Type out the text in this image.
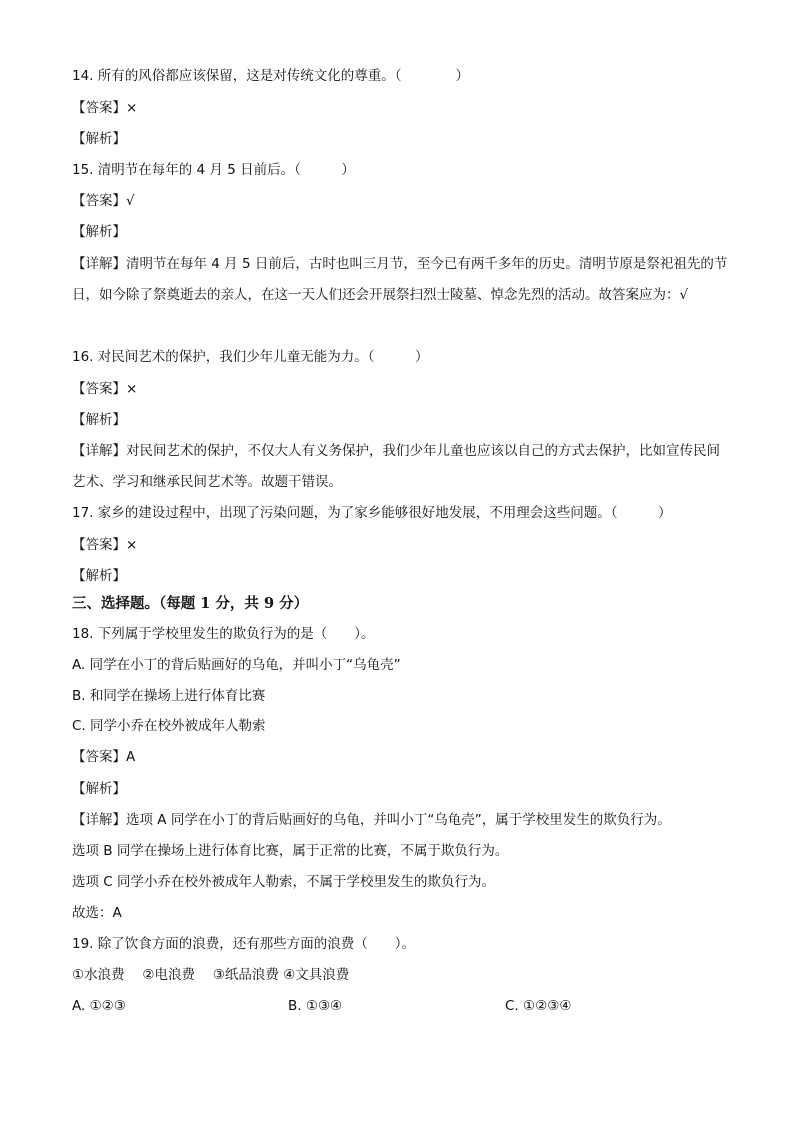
14. 所有的风俗都应该保留，这是对传统文化的尊重。（　　　　）
【答案】×
【解析】
15. 清明节在每年的 4 月 5 日前后。（　　　）
【答案】√
【解析】
【详解】清明节在每年 4 月 5 日前后，古时也叫三月节，至今已有两千多年的历史。清明节原是祭祀祖先的节日，如今除了祭奠逝去的亲人，在这一天人们还会开展祭扫烈士陵墓、悼念先烈的活动。故答案应为：√
16. 对民间艺术的保护，我们少年儿童无能为力。（　　　）
【答案】×
【解析】
【详解】对民间艺术的保护，不仅大人有义务保护，我们少年儿童也应该以自己的方式去保护，比如宣传民间艺术、学习和继承民间艺术等。故题干错误。
17. 家乡的建设过程中，出现了污染问题，为了家乡能够很好地发展，不用理会这些问题。（　　　）
【答案】×
【解析】
三、选择题。（每题 1 分，共 9 分）
18. 下列属于学校里发生的欺负行为的是（　　）。
A. 同学在小丁的背后贴画好的乌龟，并叫小丁“乌龟壳”
B. 和同学在操场上进行体育比赛
C. 同学小乔在校外被成年人勒索
【答案】A
【解析】
【详解】选项 A 同学在小丁的背后贴画好的乌龟，并叫小丁“乌龟壳”，属于学校里发生的欺负行为。
选项 B 同学在操场上进行体育比赛，属于正常的比赛，不属于欺负行为。
选项 C 同学小乔在校外被成年人勒索，不属于学校里发生的欺负行为。
故选：A
19. 除了饮食方面的浪费，还有那些方面的浪费（　　）。
①水浪费　 ②电浪费　 ③纸品浪费 ④文具浪费
A. ①②③	B. ①③④	C. ①②③④
